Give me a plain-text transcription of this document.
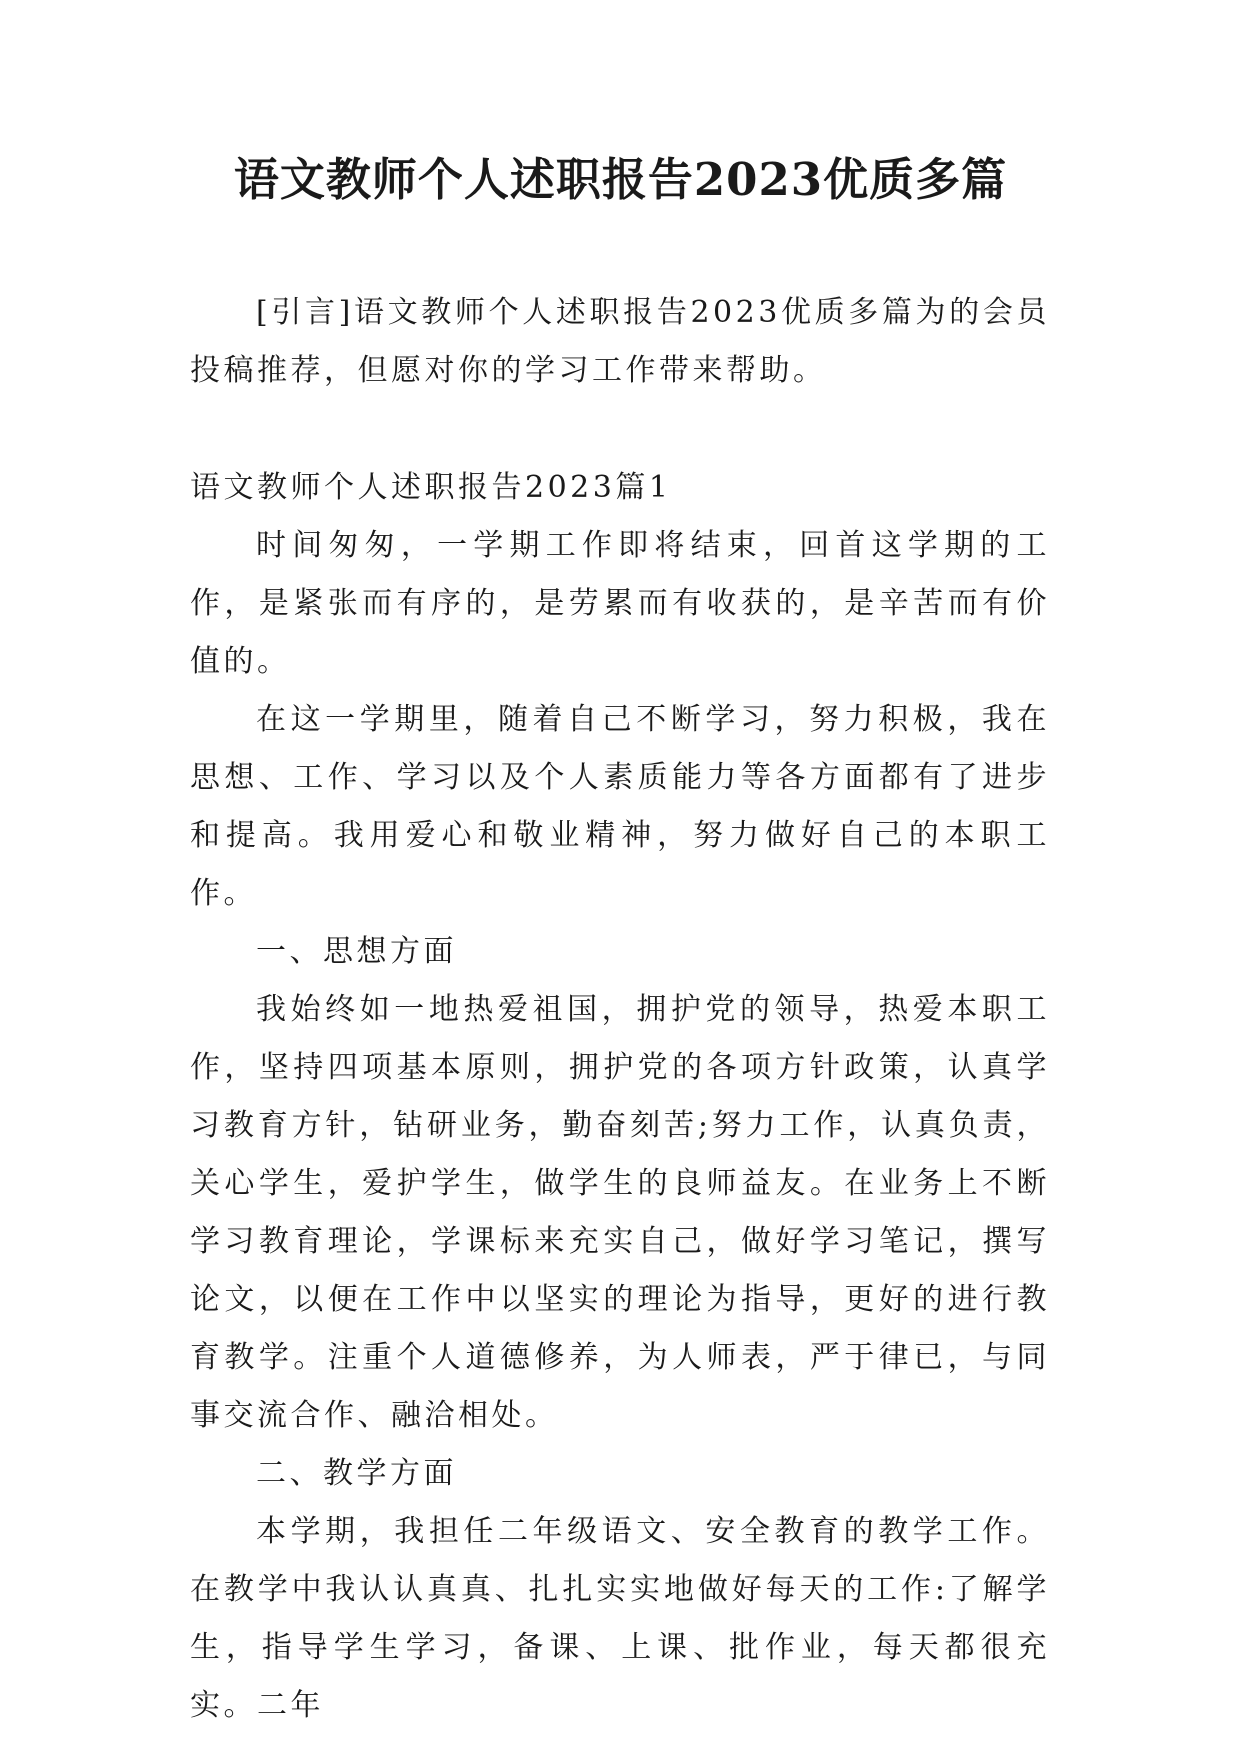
语文教师个人述职报告2023优质多篇

[引言]语文教师个人述职报告2023优质多篇为的会员投稿推荐，但愿对你的学习工作带来帮助。

语文教师个人述职报告2023篇1

时间匆匆，一学期工作即将结束，回首这学期的工作，是紧张而有序的，是劳累而有收获的，是辛苦而有价值的。

在这一学期里，随着自己不断学习，努力积极，我在思想、工作、学习以及个人素质能力等各方面都有了进步和提高。我用爱心和敬业精神，努力做好自己的本职工作。

一、思想方面

我始终如一地热爱祖国，拥护党的领导，热爱本职工作，坚持四项基本原则，拥护党的各项方针政策，认真学习教育方针，钻研业务，勤奋刻苦;努力工作，认真负责，关心学生，爱护学生，做学生的良师益友。在业务上不断学习教育理论，学课标来充实自己，做好学习笔记，撰写论文，以便在工作中以坚实的理论为指导，更好的进行教育教学。注重个人道德修养，为人师表，严于律已，与同事交流合作、融洽相处。

二、教学方面

本学期，我担任二年级语文、安全教育的教学工作。在教学中我认认真真、扎扎实实地做好每天的工作:了解学生，指导学生学习，备课、上课、批作业，每天都很充实。二年
